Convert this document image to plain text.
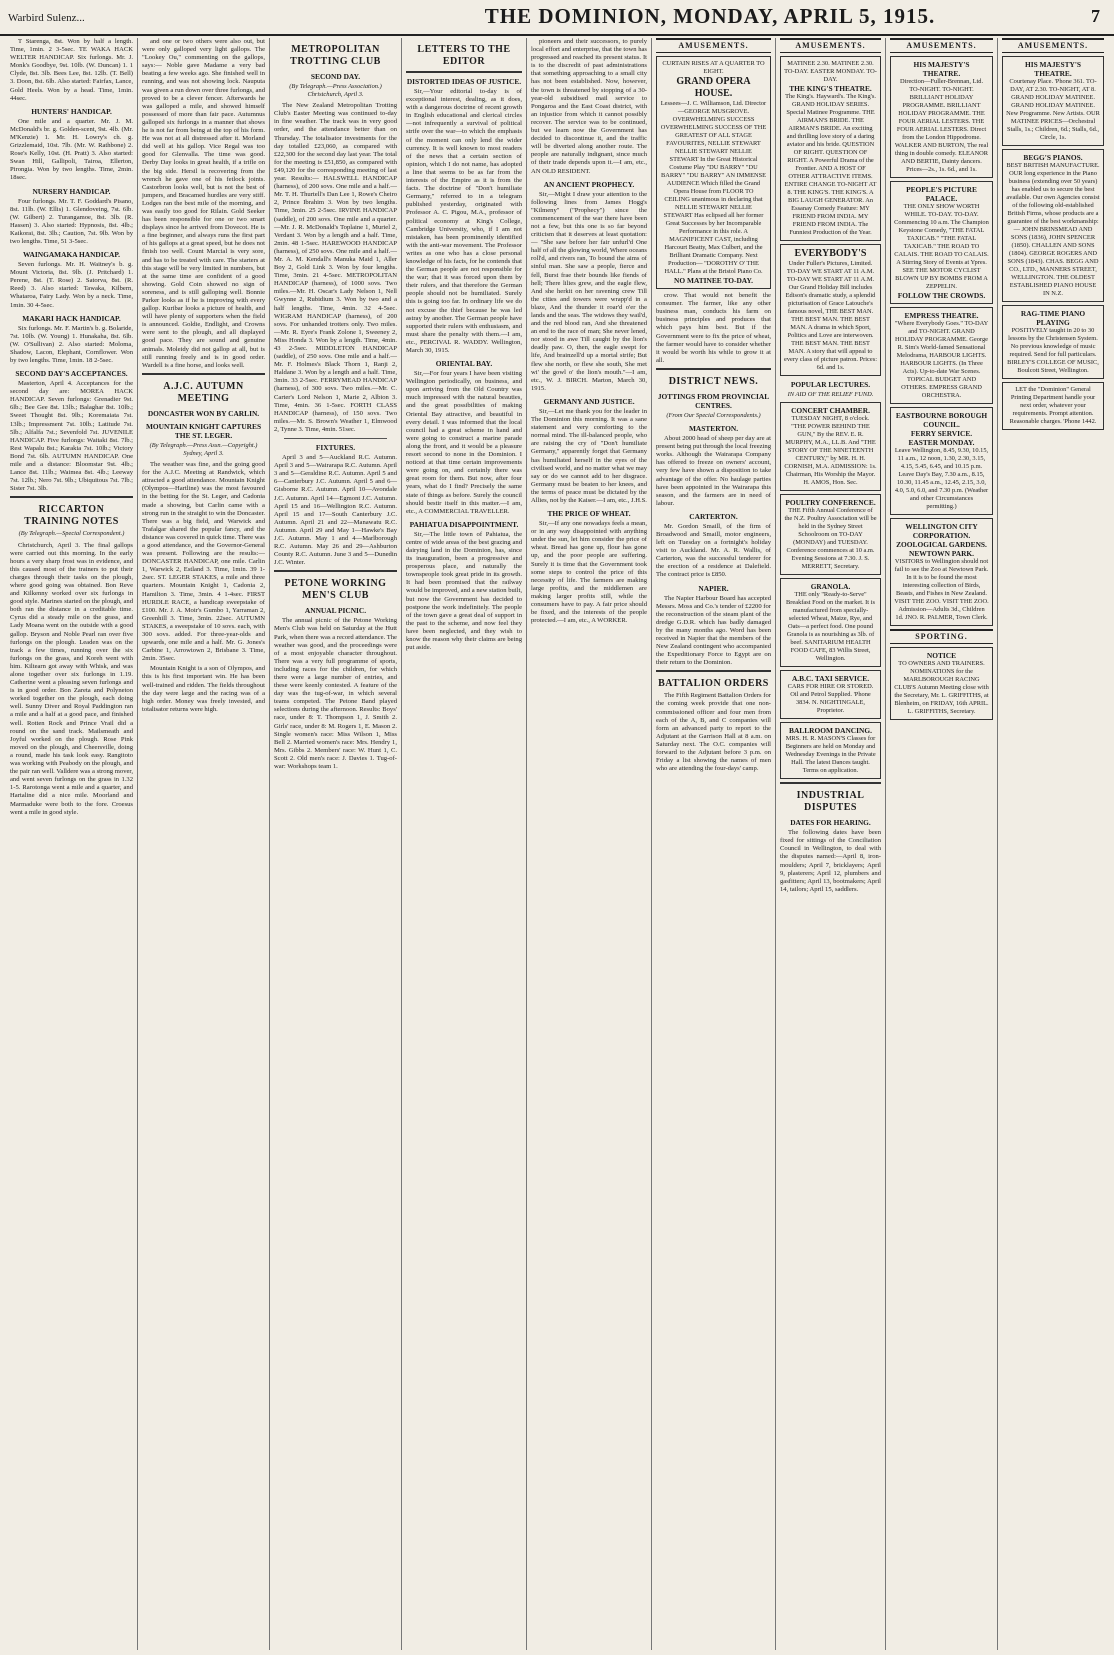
Warbird Sulenz...	THE DOMINION, MONDAY, APRIL 5, 1915.	7

T Starenga, 8st. Won by half a length. Time, 1min. 2 3-5sec. TE WAKA HACK WELTER HANDICAP. Six furlongs. Mr. J. Monk's Goodbye, 9st. 10lb. (W. Duncan) 1. 1 Clyde, 8st. 3lb. Bees Lee, 8st. 12lb. (T. Bell) 3. Doon, 8st. 6lb. Also started: Fairfax, Lance, Gold Heels. Won by a head. Time, 1min. 44sec.

HUNTERS' HANDICAP.

One mile and a quarter. Mr. J. M. McDonald's br. g. Golden-scent, 9st. 4lb. (Mr. M'Kenzie) 1. Mr. H. Lowry's ch. g. Grizzlemaid, 10st. 7lb. (Mr. W. Rathbone) 2. Rose's Kelly, 10st. (H. Pratt) 3. Also started: Swan Hill, Gallipoli, Tairoa, Ellerton, Pirongia. Won by two lengths. Time, 2min. 18sec.

NURSERY HANDICAP.

Four furlongs. Mr. T. F. Goddard's Pisano, 8st. 11lb. (W. Ellis) 1. Glendoveing, 7st. 6lb. (W. Gilbert) 2. Turangamoe, 8st. 3lb. (R. Hassen) 3. Also started: Hypnosis, 8st. 4lb.; Kaikorai, 8st. 3lb.; Caution, 7st. 9lb. Won by two lengths. Time, 51 3-5sec.

WAINGAMAKA HANDICAP.

Seven furlongs. Mr. H. Waitney's b. g. Mount Victoria, 8st. 9lb. (J. Pritchard) 1. Perene, 8st. (T. Rose) 2. Satorva, 8st. (R. Reed) 3. Also started: Tawaka, Kilbern, Whataroa, Fairy Lady. Won by a neck. Time, 1min. 30 4-5sec.

MAKARI HACK HANDICAP.

Six furlongs. Mr. F. Martin's b. g. Bolaride, 7st. 10lb. (W. Young) 1. Hunakaha, 8st. 6lb. (W. O'Sullivan) 2. Also started: Moloma, Shadow, Lacon, Elephant, Cornflower. Won by two lengths. Time, 1min. 18 2-5sec.

SECOND DAY'S ACCEPTANCES.

Masterton, April 4. Acceptances for the second day are: MOREA HACK HANDICAP. Seven furlongs: Grenadier 9st. 6lb.; Bee Gee 8st. 13lb.; Balaghar 8st. 10lb.; Sweet Thought 8st. 9lb.; Koremaiata 7st. 13lb.; Impressment 7st. 10lb.; Latitude 7st. 5lb.; Alfalfa 7st.; Sevenfold 7st. JUVENILE HANDICAP. Five furlongs: Waitaki 8st. 7lb.; Rest Wapalu 8st.; Karakia 7st. 10lb.; Victory Bond 7st. 6lb. AUTUMN HANDICAP. One mile and a distance: Bloomstar 9st. 4lb.; Lance 8st. 11lb.; Waimea 8st. 4lb.; Leeway 7st. 12lb.; Nero 7st. 9lb.; Ubiquitous 7st. 7lb.; Sister 7st. 3lb.

RICCARTON TRAINING NOTES
(By Telegraph.—Special Correspondent.)

Christchurch, April 3. The final gallops were carried out this morning. In the early hours a very sharp frost was in evidence, and this caused most of the trainers to put their charges through their tasks on the plough, where good going was obtained. Bon Reve and Kilkenny worked over six furlongs in good style. Marines started on the plough, and both ran the distance in a creditable time. Cyrus did a steady mile on the grass, and Lady Moana went on the outside with a good gallop. Bryson and Noble Pearl ran over five furlongs on the plough. Leaden was on the track a few times, running over the six furlongs on the grass, and Koreh went with him. Kiltearn got away with Whisk, and was alone together over six furlongs in 1.19. Catherine went a pleasing seven furlongs and is in good order. Bon Zareta and Polyneton worked together on the plough, each doing well. Sunny Diver and Royal Paddington ran a mile and a half at a good pace, and finished well. Rotten Rock and Prince Vrail did a round on the sand track. Mailsmeath and Joyful worked on the plough. Rose Pink moved on the plough, and Cheersville, doing a round, made his task look easy. Rangitoto was working with Peabody on the plough, and the pair ran well. Valldere was a strong mover, and went seven furlongs on the grass in 1.32 1-5. Rarotonga went a mile and a quarter, and Hartaline did a nice mile. Moorland and Marmaduke were both to the fore. Croesus went a mile in good style.

and one or two others were also out, but were only galloped very light gallops. The "Lookey Ou," commenting on the gallops, says:— Noble gave Madame a very bad beating a few weeks ago. She finished well in running, and was not showing lock. Nauputa was given a run down over three furlongs, and proved to be a clever fencer. Afterwards he was galloped a mile, and showed himself possessed of more than fair pace. Autumnus galloped six furlongs in a manner that shows he is not far from being at the top of his form. He was not at all distressed after it. Morland did well at his gallop. Vice Regal was too good for Glenvalla. The time was good. Derby Day looks in great health, if a trifle on the big side. Hersil is recovering from the wrench he gave one of his fetlock joints. Castorbron looks well, but is not the best of jumpers, and Bracamed hurdles are very stiff. Lodges ran the best mile of the morning, and was easily too good for Rilain. Gold Seeker has been responsible for one or two smart displays since he arrived from Dovecot. He is a fine beginner, and always runs the first part of his gallops at a great speed, but he does not finish too well. Count Marcial is very sore, and has to be treated with care. The starters at this stage will be very limited in numbers, but at the same time are confident of a good showing. Gold Coin showed no sign of soreness, and is still galloping well. Bonnie Parker looks as if he is improving with every gallop. Kuribar looks a picture of health, and will have plenty of supporters when the field is announced. Goldie, Endlight, and Crowns were sent to the plough, and all displayed good pace. They are sound and genuine animals. Moleidy did not gallop at all, but is still running freely and is in good order. Wardell is a fine horse, and looks well.

A.J.C. AUTUMN MEETING
DONCASTER WON BY CARLIN.
MOUNTAIN KNIGHT CAPTURES THE ST. LEGER.
(By Telegraph.—Press Assn.—Copyright.) Sydney, April 3.

The weather was fine, and the going good for the A.J.C. Meeting at Randwick, which attracted a good attendance. Mountain Knight (Olympos—Hartline) was the most favoured in the betting for the St. Leger, and Cadonia made a showing, but Carlin came with a strong run in the straight to win the Doncaster. There was a big field, and Warwick and Trafalgar shared the popular fancy, and the distance was covered in quick time. There was a good attendance, and the Governor-General was present. Following are the results:— DONCASTER HANDICAP, one mile. Carlin 1, Warwick 2, Estland 3. Time, 1min. 39 1-2sec. ST. LEGER STAKES, a mile and three quarters. Mountain Knight 1, Cadonia 2, Hamilton 3. Time, 3min. 4 1-4sec. FIRST HURDLE RACE, a handicap sweepstake of £100. Mr. J. A. Moir's Gumbo 1, Yarraman 2, Greenhill 3. Time, 3min. 22sec. AUTUMN STAKES, a sweepstake of 10 sovs. each, with 300 sovs. added. For three-year-olds and upwards, one mile and a half. Mr. G. Jones's Carbine 1, Arrowtown 2, Brisbane 3. Time, 2min. 35sec.

Mountain Knight is a son of Olympos, and this is his first important win. He has been well-trained and ridden. The fields throughout the day were large and the racing was of a high order. Money was freely invested, and totalisator returns were high.

METROPOLITAN TROTTING CLUB
SECOND DAY.
(By Telegraph.—Press Association.) Christchurch, April 3.

The New Zealand Metropolitan Trotting Club's Easter Meeting was continued to-day in fine weather. The track was in very good order, and the attendance better than on Thursday. The totalisator investments for the day totalled £23,060, as compared with £22,300 for the second day last year. The total for the meeting is £51,850, as compared with £49,120 for the corresponding meeting of last year. Results:— HALSWELL HANDICAP (harness), of 200 sovs. One mile and a half.—Mr. T. H. Thurtell's Dan Lee 1, Rowe's Cheiro 2, Prince Ibrahim 3. Won by two lengths. Time, 3min. 25 2-5sec. IRVINE HANDICAP (saddle), of 200 sovs. One mile and a quarter.—Mr. J. R. McDonald's Toplaine 1, Muriel 2, Verdant 3. Won by a length and a half. Time, 2min. 48 1-5sec. HAREWOOD HANDICAP (harness), of 250 sovs. One mile and a half.—Mr. A. M. Kendall's Manuka Maid 1, Aller Boy 2, Gold Link 3. Won by four lengths. Time, 3min. 21 4-5sec. METROPOLITAN HANDICAP (harness), of 1000 sovs. Two miles.—Mr. H. Oscar's Lady Nelson 1, Nell Gwynne 2, Rubidium 3. Won by two and a half lengths. Time, 4min. 32 4-5sec. WIGRAM HANDICAP (harness), of 200 sovs. For unhanded trotters only. Two miles.—Mr. R. Eyre's Frank Zolone 1, Sweeney 2, Miss Honda 3. Won by a length. Time, 4min. 43 2-5sec. MIDDLETON HANDICAP (saddle), of 250 sovs. One mile and a half.—Mr. F. Holmes's Black Thorn 1, Ranji 2, Haldane 3. Won by a length and a half. Time, 3min. 33 2-5sec. FERRYMEAD HANDICAP (harness), of 300 sovs. Two miles.—Mr. C. Carter's Lord Nelson 1, Marie 2, Albion 3. Time, 4min. 36 1-5sec. FORTH CLASS HANDICAP (harness), of 150 sovs. Two miles.—Mr. S. Brown's Weather 1, Elmwood 2, Tynne 3. Time, 4min. 51sec.

FIXTURES.

April 3 and 5—Auckland R.C. Autumn. April 3 and 5—Wairarapa R.C. Autumn. April 3 and 5—Geraldine R.C. Autumn. April 5 and 6—Canterbury J.C. Autumn. April 5 and 6—Gisborne R.C. Autumn. April 10—Avondale J.C. Autumn. April 14—Egmont J.C. Autumn. April 15 and 16—Wellington R.C. Autumn. April 15 and 17—South Canterbury J.C. Autumn. April 21 and 22—Manawatu R.C. Autumn. April 29 and May 1—Hawke's Bay J.C. Autumn. May 1 and 4—Marlborough R.C. Autumn. May 26 and 29—Ashburton County R.C. Autumn. June 3 and 5—Dunedin J.C. Winter.

PETONE WORKING MEN'S CLUB
ANNUAL PICNIC.

The annual picnic of the Petone Working Men's Club was held on Saturday at the Hutt Park, when there was a record attendance. The weather was good, and the proceedings were of a most enjoyable character throughout. There was a very full programme of sports, including races for the children, for which there were a large number of entries, and these were keenly contested. A feature of the day was the tug-of-war, in which several teams competed. The Petone Band played selections during the afternoon. Results: Boys' race, under 8: T. Thompson 1, J. Smith 2. Girls' race, under 8: M. Rogers 1, E. Mason 2. Single women's race: Miss Wilson 1, Miss Bell 2. Married women's race: Mrs. Hendry 1, Mrs. Gibbs 2. Members' race: W. Hunt 1, C. Scott 2. Old men's race: J. Davies 1. Tug-of-war: Workshops team 1.

LETTERS TO THE EDITOR
DISTORTED IDEAS OF JUSTICE.

Sir,—Your editorial to-day is of exceptional interest, dealing, as it does, with a dangerous doctrine of recent growth in English educational and clerical circles—not infrequently a survival of political strife over the war—to which the emphasis of the moment can only lend the wider currency. It is well known to most readers of the news that a certain section of opinion, which I do not name, has adopted a line that seems to be as far from the interests of the Empire as it is from the facts. The doctrine of "Don't humiliate Germany," referred to in a telegram published yesterday, originated with Professor A. C. Pigou, M.A., professor of political economy at King's College, Cambridge University, who, if I am not mistaken, has been prominently identified with the anti-war movement. The Professor writes as one who has a close personal knowledge of his facts, for he contends that the German people are not responsible for the war; that it was forced upon them by their rulers, and that therefore the German people should not be humiliated. Surely this is going too far. In ordinary life we do not excuse the thief because he was led astray by another. The German people have supported their rulers with enthusiasm, and must share the penalty with them.—I am, etc., PERCIVAL R. WADDY. Wellington, March 30, 1915.

ORIENTAL BAY.

Sir,—For four years I have been visiting Wellington periodically, on business, and upon arriving from the Old Country was much impressed with the natural beauties, and the great possibilities of making Oriental Bay attractive, and beautiful in every detail. I was informed that the local council had a great scheme in hand and were going to construct a marine parade along the front, and it would be a pleasure resort second to none in the Dominion. I noticed at that time certain improvements were going on, and certainly there was great room for them. But now, after four years, what do I find? Precisely the same state of things as before. Surely the council should bestir itself in this matter.—I am, etc., A COMMERCIAL TRAVELLER.

PAHIATUA DISAPPOINTMENT.

Sir,—The little town of Pahiatua, the centre of wide areas of the best grazing and dairying land in the Dominion, has, since its inauguration, been a progressive and prosperous place, and naturally the townspeople took great pride in its growth. It had been promised that the railway would be improved, and a new station built, but now the Government has decided to postpone the work indefinitely. The people of the town gave a great deal of support in the past to the scheme, and now feel they have been neglected, and they wish to know the reason why their claims are being put aside.

pioneers and their successors, to purely local effort and enterprise, that the town has progressed and reached its present status. It is to the discredit of past administrations that something approaching to a small city has not been established. Now, however, the town is threatened by stopping of a 30-year-old subsidised mail service to Pongaroa and the East Coast district, with an injustice from which it cannot possibly recover. The service was to be continued, but we learn now the Government has decided to discontinue it, and the traffic will be diverted along another route. The people are naturally indignant, since much of their trade depends upon it.—I am, etc., AN OLD RESIDENT.

AN ANCIENT PROPHECY.

Sir,—Might I draw your attention to the following lines from James Hogg's "Kilmeny" ("Prophecy") since the commencement of the war there have been not a few, but this one is so far beyond criticism that it deserves at least quotation:— "She saw before her fair unfurl'd One half of all the glowing world, Where oceans roll'd, and rivers ran, To bound the aims of sinful man. She saw a people, fierce and fell, Burst frae their bounds like fiends of hell; There lilies grew, and the eagle flew, And she herkit on her ravening crew Till the cities and towers were wrapp'd in a blaze, And the thunder it roar'd o'er the lands and the seas. The widows they wail'd, and the red blood ran, And she threatened an end to the race of man; She never lened, nor stood in awe Till caught by the lion's deadly paw. O, then, the eagle swept for life, And brainzell'd up a mortal strife; But flew she north, or flew she south, She met wi' the gowl o' the lion's mouth."—I am, etc., W. J. BIRCH. Marton, March 30, 1915.

GERMANY AND JUSTICE.

Sir,—Let me thank you for the leader in The Dominion this morning. It was a sane statement and very comforting to the normal mind. The ill-balanced people, who are raising the cry of "Don't humiliate Germany," apparently forget that Germany has humiliated herself in the eyes of the civilised world, and no matter what we may say or do we cannot add to her disgrace. Germany must be beaten to her knees, and the terms of peace must be dictated by the Allies, not by the Kaiser.—I am, etc., J.H.S.

THE PRICE OF WHEAT.

Sir,—If any one nowadays feels a mean, or in any way disappointed with anything under the sun, let him consider the price of wheat. Bread has gone up, flour has gone up, and the poor people are suffering. Surely it is time that the Government took some steps to control the price of this necessity of life. The farmers are making large profits, and the middlemen are making larger profits still, while the consumers have to pay. A fair price should be fixed, and the interests of the people protected.—I am, etc., A WORKER.

AMUSEMENTS.
CURTAIN RISES AT A QUARTER TO EIGHT.
GRAND OPERA HOUSE.
Lessees—J. C. Williamson, Ltd. Director—GEORGE MUSGROVE. OVERWHELMING SUCCESS OVERWHELMING SUCCESS OF THE GREATEST OF ALL STAGE FAVOURITES, NELLIE STEWART NELLIE STEWART NELLIE STEWART In the Great Historical Costume Play "DU BARRY" "DU BARRY" "DU BARRY" AN IMMENSE AUDIENCE Which filled the Grand Opera House from FLOOR TO CEILING unanimous in declaring that NELLIE STEWART NELLIE STEWART Has eclipsed all her former Great Successes by her Incomparable Performance in this role. A MAGNIFICENT CAST, including Harcourt Beatty, Max Culbert, and the Brilliant Dramatic Company. Next Production— "DOROTHY O' THE HALL." Plans at the Bristol Piano Co.
NO MATINEE TO-DAY.

crow. That would not benefit the consumer. The farmer, like any other business man, conducts his farm on business principles and produces that which pays him best. But if the Government were to fix the price of wheat, the farmer would have to consider whether it would be worth his while to grow it at all.

DISTRICT NEWS.
JOTTINGS FROM PROVINCIAL CENTRES.
(From Our Special Correspondents.)
MASTERTON.

About 2000 head of sheep per day are at present being put through the local freezing works. Although the Wairarapa Company has offered to freeze on owners' account, very few have shown a disposition to take advantage of the offer. No haulage parties have been appointed in the Wairarapa this season, and the farmers are in need of labour.

CARTERTON.

Mr. Gordon Smaill, of the firm of Broadwood and Smaill, motor engineers, left on Tuesday on a fortnight's holiday visit to Auckland. Mr. A. R. Wallis, of Carterton, was the successful tenderer for the erection of a residence at Dalefield. The contract price is £850.

NAPIER.

The Napier Harbour Board has accepted Messrs. Moss and Co.'s tender of £2200 for the reconstruction of the steam plant of the dredge G.D.R. which has badly damaged by the many months ago. Word has been received in Napier that the members of the New Zealand contingent who accompanied the Expeditionary Force to Egypt are on their return to the Dominion.

BATTALION ORDERS

The Fifth Regiment Battalion Orders for the coming week provide that one non-commissioned officer and four men from each of the A, B, and C companies will form an advanced party to report to the Adjutant at the Garrison Hall at 8 a.m. on Saturday next. The O.C. companies will forward to the Adjutant before 3 p.m. on Friday a list showing the names of men who are attending the four-days' camp.

AMUSEMENTS.
MATINEE 2.30. MATINEE 2.30. TO-DAY. EASTER MONDAY. TO-DAY.
THE KING'S THEATRE.
The King's. Hayward's. The King's. GRAND HOLIDAY SERIES. Special Matinee Programme. THE AIRMAN'S BRIDE. THE AIRMAN'S BRIDE. An exciting and thrilling love story of a daring aviator and his bride. QUESTION OF RIGHT. QUESTION OF RIGHT. A Powerful Drama of the Frontier. AND A HOST OF OTHER ATTRACTIVE ITEMS.
ENTIRE CHANGE TO-NIGHT AT 8. THE KING'S. THE KING'S. A BIG LAUGH GENERATOR. An Essanay Comedy Feature: MY FRIEND FROM INDIA. MY FRIEND FROM INDIA. The Funniest Production of the Year.
EVERYBODY'S
Under Fuller's Pictures, Limited. TO-DAY WE START AT 11 A.M. TO-DAY WE START AT 11 A.M. Our Grand Holiday Bill includes Edison's dramatic study, a splendid picturisation of Grace Latouche's famous novel, THE BEST MAN. THE BEST MAN. THE BEST MAN. A drama in which Sport, Politics and Love are interwoven. THE BEST MAN. THE BEST MAN. A story that will appeal to every class of picture patron. Prices: 6d. and 1s.
POPULAR LECTURES.
IN AID OF THE RELIEF FUND.
CONCERT CHAMBER.
TUESDAY NIGHT, 8 o'clock. "THE POWER BEHIND THE GUN," By the REV. E. R. MURPHY, M.A., LL.B. And "THE STORY OF THE NINETEENTH CENTURY," by MR. H. H. CORNISH, M.A. ADMISSION: 1s. Chairman, His Worship the Mayor. H. AMOS, Hon. Sec.
POULTRY CONFERENCE.
THE Fifth Annual Conference of the N.Z. Poultry Association will be held in the Sydney Street Schoolroom on TO-DAY (MONDAY) and TUESDAY. Conference commences at 10 a.m. Evening Sessions at 7.30. J. S. MERRETT, Secretary.
GRANOLA.
THE only "Ready-to-Serve" Breakfast Food on the market. It is manufactured from specially-selected Wheat, Maize, Rye, and Oats—a perfect food. One pound Granola is as nourishing as 3lb. of beef. SANITARIUM HEALTH FOOD CAFE, 83 Willis Street, Wellington.
A.B.C. TAXI SERVICE.
CARS FOR HIRE OR STORED. Oil and Petrol Supplied. 'Phone 3834. N. NIGHTINGALE, Proprietor.
BALLROOM DANCING.
MRS. H. R. MASON'S Classes for Beginners are held on Monday and Wednesday Evenings in the Private Hall. The latest Dances taught. Terms on application.
INDUSTRIAL DISPUTES
DATES FOR HEARING.

The following dates have been fixed for sittings of the Conciliation Council in Wellington, to deal with the disputes named:—April 8, iron-moulders; April 7, bricklayers; April 9, plasterers; April 12, plumbers and gasfitters; April 13, bootmakers; April 14, tailors; April 15, saddlers.

AMUSEMENTS.
HIS MAJESTY'S THEATRE.
Direction—Fuller-Brennan, Ltd. TO-NIGHT. TO-NIGHT. BRILLIANT HOLIDAY PROGRAMME. BRILLIANT HOLIDAY PROGRAMME. THE FOUR AERIAL LESTERS. THE FOUR AERIAL LESTERS. Direct from the London Hippodrome. WALKER AND BURTON, The real thing in double comedy. ELEANOR AND BERTIE, Dainty dancers. Prices—2s., 1s. 6d., and 1s.
PEOPLE'S PICTURE PALACE.
THE ONLY SHOW WORTH WHILE. TO-DAY. TO-DAY. Commencing 10 a.m. The Champion Keystone Comedy, "THE FATAL TAXICAB." "THE FATAL TAXICAB." THE ROAD TO CALAIS. THE ROAD TO CALAIS. A Stirring Story of Events at Ypres. SEE THE MOTOR CYCLIST BLOWN UP BY BOMBS FROM A ZEPPELIN.
FOLLOW THE CROWDS.
EMPRESS THEATRE.
"Where Everybody Goes." TO-DAY and TO-NIGHT. GRAND HOLIDAY PROGRAMME. George R. Sim's World-famed Sensational Melodrama, HARBOUR LIGHTS. HARBOUR LIGHTS. (In Three Acts). Up-to-date War Scenes. TOPICAL BUDGET AND OTHERS. EMPRESS GRAND ORCHESTRA.
EASTBOURNE BOROUGH COUNCIL.
FERRY SERVICE.
EASTER MONDAY.
Leave Wellington, 8.45, 9.30, 10.15, 11 a.m., 12 noon, 1.30, 2.30, 3.15, 4.15, 5.45, 6.45, and 10.15 p.m. Leave Day's Bay, 7.30 a.m., 8.15, 10.30, 11.45 a.m., 12.45, 2.15, 3.0, 4.0, 5.0, 6.0, and 7.30 p.m. (Weather and other Circumstances permitting.)
WELLINGTON CITY CORPORATION.
ZOOLOGICAL GARDENS.
NEWTOWN PARK.
VISITORS to Wellington should not fail to see the Zoo at Newtown Park. In it is to be found the most interesting collection of Birds, Beasts, and Fishes in New Zealand. VISIT THE ZOO. VISIT THE ZOO. Admission—Adults 3d., Children 1d. JNO. R. PALMER, Town Clerk.
SPORTING.
NOTICE
TO OWNERS AND TRAINERS.
NOMINATIONS for the MARLBOROUGH RACING CLUB'S Autumn Meeting close with the Secretary, Mr. L. GRIFFITHS, at Blenheim, on FRIDAY, 16th APRIL. L. GRIFFITHS, Secretary.
AMUSEMENTS.
HIS MAJESTY'S THEATRE.
Courtenay Place. 'Phone 361. TO-DAY, AT 2.30. TO-NIGHT, AT 8. GRAND HOLIDAY MATINEE. GRAND HOLIDAY MATINEE. New Programme. New Artists. OUR MATINEE PRICES—Orchestral Stalls, 1s.; Children, 6d.; Stalls, 6d., Circle, 1s.
BEGG'S PIANOS.
BEST BRITISH MANUFACTURE.
OUR long experience in the Piano business (extending over 50 years) has enabled us to secure the best available. Our own Agencies consist of the following old-established British Firms, whose products are a guarantee of the best workmanship:— JOHN BRINSMEAD AND SONS (1836), JOHN SPENCER (1850). CHALLEN AND SONS (1804). GEORGE ROGERS AND SONS (1843). CHAS. BEGG AND CO., LTD., MANNERS STREET, WELLINGTON. THE OLDEST ESTABLISHED PIANO HOUSE IN N.Z.
RAG-TIME PIANO PLAYING
POSITIVELY taught in 20 to 30 lessons by the Christensen System. No previous knowledge of music required. Send for full particulars. BIRLEY'S COLLEGE OF MUSIC, Boulcott Street, Wellington.
LET the "Dominion" General Printing Department handle your next order, whatever your requirements. Prompt attention. Reasonable charges. 'Phone 1442.
